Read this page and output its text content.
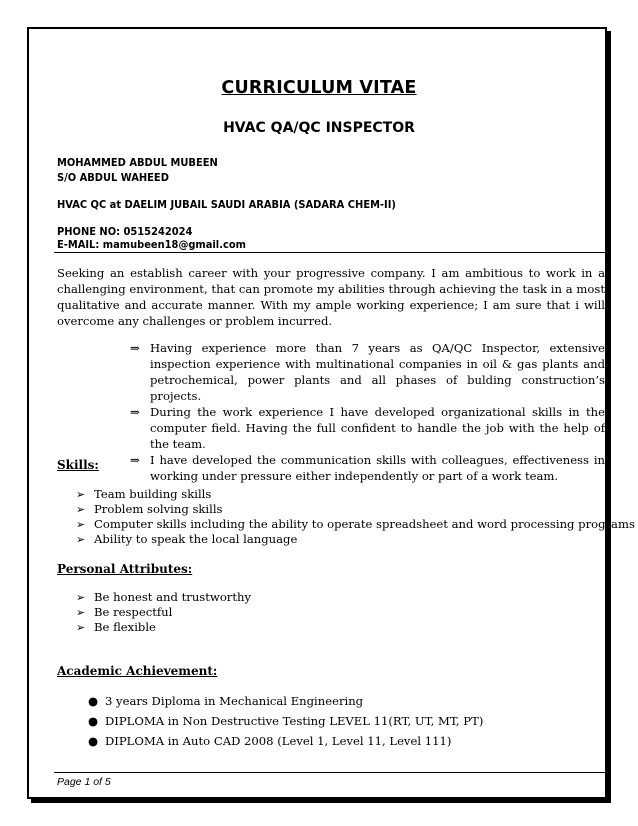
CURRICULUM VITAE
HVAC QA/QC INSPECTOR
MOHAMMED ABDUL MUBEEN
S/O ABDUL WAHEED
HVAC QC at DAELIM JUBAIL SAUDI ARABIA (SADARA CHEM-II)
PHONE NO: 0515242024
E-MAIL: mamubeen18@gmail.com
Seeking an establish career with your progressive company. I am ambitious to work in a challenging environment, that can promote my abilities through achieving the task in a most qualitative and accurate manner. With my ample working experience; I am sure that i will overcome any challenges or problem incurred.
⇒ Having experience more than 7 years as QA/QC Inspector, extensive inspection experience with multinational companies in oil & gas plants and petrochemical, power plants and all phases of bulding construction’s projects.
⇒ During the work experience I have developed organizational skills in the computer field. Having the full confident to handle the job with the help of the team.
⇒ I have developed the communication skills with colleagues, effectiveness in working under pressure either independently or part of a work team.
Skills:
➢ Team building skills
➢ Problem solving skills
➢ Computer skills including the ability to operate spreadsheet and word processing programs
➢ Ability to speak the local language
Personal Attributes:
➢ Be honest and trustworthy
➢ Be respectful
➢ Be flexible
Academic Achievement:
● 3 years Diploma in Mechanical Engineering
● DIPLOMA in Non Destructive Testing LEVEL 11(RT, UT, MT, PT)
● DIPLOMA in Auto CAD 2008 (Level 1, Level 11, Level 111)
Page 1 of 5
